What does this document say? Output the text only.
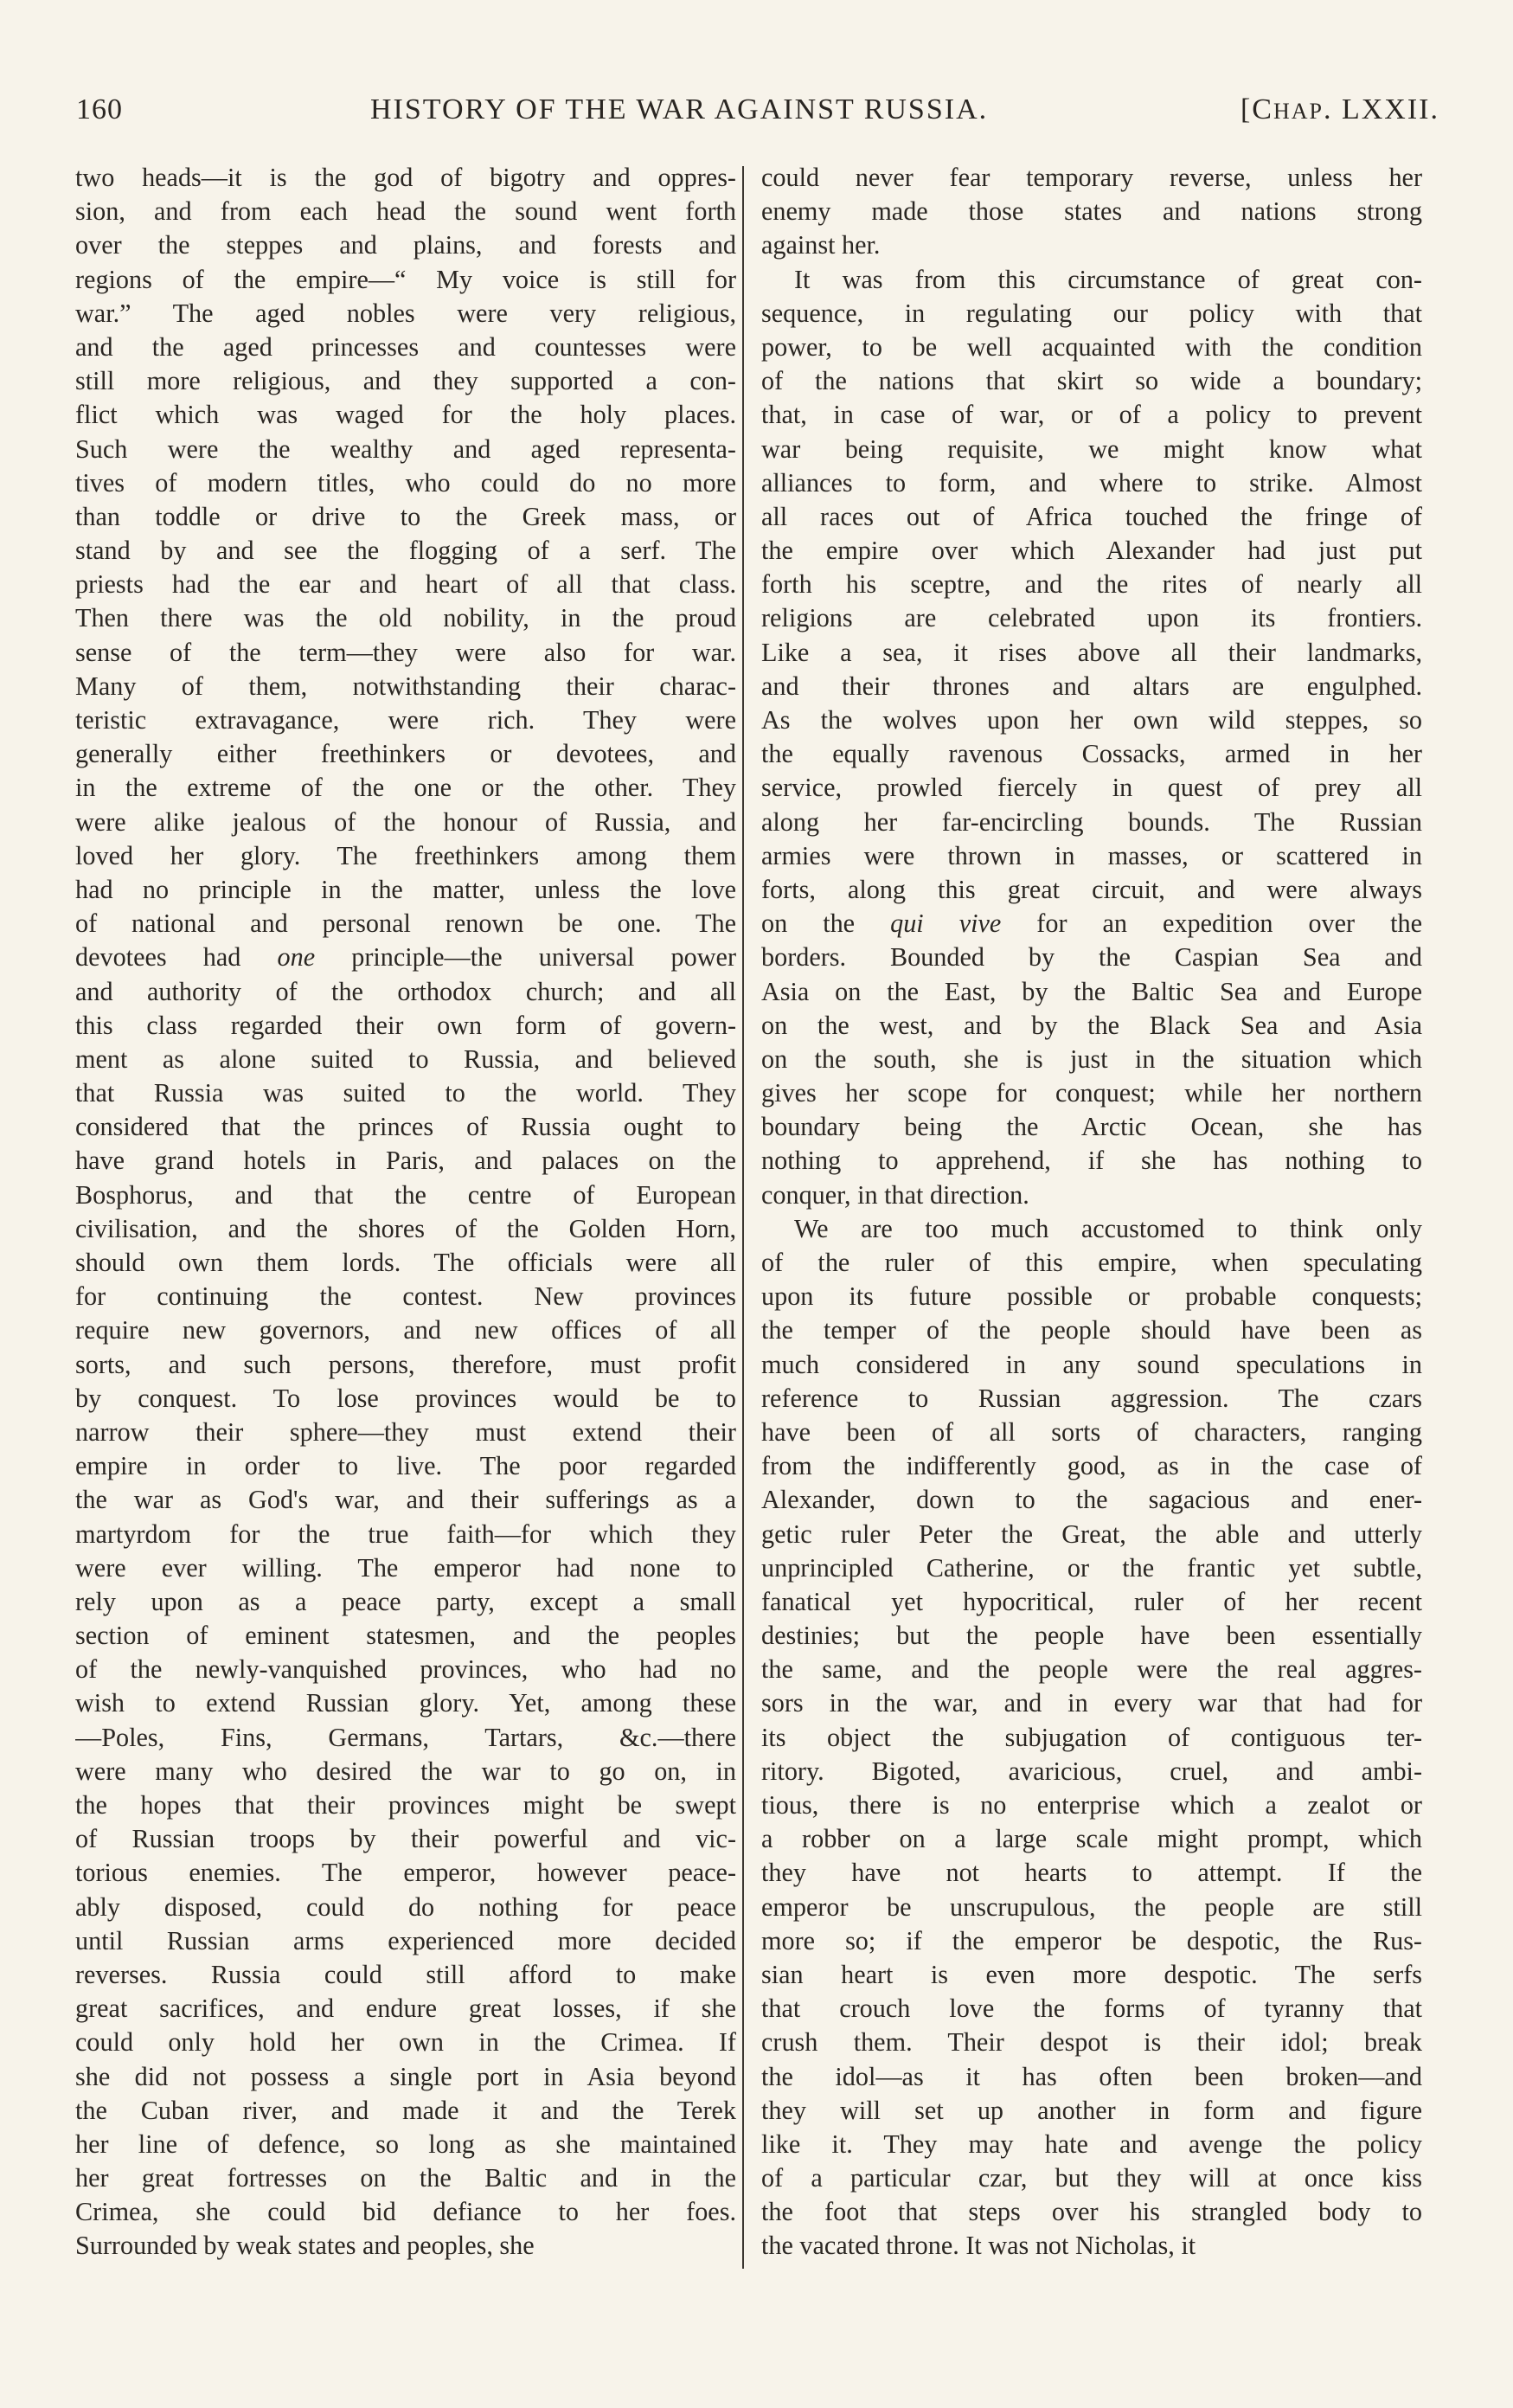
160	HISTORY OF THE WAR AGAINST RUSSIA.	[CHAP. LXXII.
two heads—it is the god of bigotry and oppres-
sion, and from each head the sound went forth
over the steppes and plains, and forests and
regions of the empire—“ My voice is still for
war.” The aged nobles were very religious,
and the aged princesses and countesses were
still more religious, and they supported a con-
flict which was waged for the holy places.
Such were the wealthy and aged representa-
tives of modern titles, who could do no more
than toddle or drive to the Greek mass, or
stand by and see the flogging of a serf. The
priests had the ear and heart of all that class.
Then there was the old nobility, in the proud
sense of the term—they were also for war.
Many of them, notwithstanding their charac-
teristic extravagance, were rich. They were
generally either freethinkers or devotees, and
in the extreme of the one or the other. They
were alike jealous of the honour of Russia, and
loved her glory. The freethinkers among them
had no principle in the matter, unless the love
of national and personal renown be one. The
devotees had one principle—the universal power
and authority of the orthodox church; and all
this class regarded their own form of govern-
ment as alone suited to Russia, and believed
that Russia was suited to the world. They
considered that the princes of Russia ought to
have grand hotels in Paris, and palaces on the
Bosphorus, and that the centre of European
civilisation, and the shores of the Golden Horn,
should own them lords. The officials were all
for continuing the contest. New provinces
require new governors, and new offices of all
sorts, and such persons, therefore, must profit
by conquest. To lose provinces would be to
narrow their sphere—they must extend their
empire in order to live. The poor regarded
the war as God's war, and their sufferings as a
martyrdom for the true faith—for which they
were ever willing. The emperor had none to
rely upon as a peace party, except a small
section of eminent statesmen, and the peoples
of the newly-vanquished provinces, who had no
wish to extend Russian glory. Yet, among these
—Poles, Fins, Germans, Tartars, &c.—there
were many who desired the war to go on, in
the hopes that their provinces might be swept
of Russian troops by their powerful and vic-
torious enemies. The emperor, however peace-
ably disposed, could do nothing for peace
until Russian arms experienced more decided
reverses. Russia could still afford to make
great sacrifices, and endure great losses, if she
could only hold her own in the Crimea. If
she did not possess a single port in Asia beyond
the Cuban river, and made it and the Terek
her line of defence, so long as she maintained
her great fortresses on the Baltic and in the
Crimea, she could bid defiance to her foes.
Surrounded by weak states and peoples, she
could never fear temporary reverse, unless her
enemy made those states and nations strong
against her.
It was from this circumstance of great con-
sequence, in regulating our policy with that
power, to be well acquainted with the condition
of the nations that skirt so wide a boundary;
that, in case of war, or of a policy to prevent
war being requisite, we might know what
alliances to form, and where to strike. Almost
all races out of Africa touched the fringe of
the empire over which Alexander had just put
forth his sceptre, and the rites of nearly all
religions are celebrated upon its frontiers.
Like a sea, it rises above all their landmarks,
and their thrones and altars are engulphed.
As the wolves upon her own wild steppes, so
the equally ravenous Cossacks, armed in her
service, prowled fiercely in quest of prey all
along her far-encircling bounds. The Russian
armies were thrown in masses, or scattered in
forts, along this great circuit, and were always
on the qui vive for an expedition over the
borders. Bounded by the Caspian Sea and
Asia on the East, by the Baltic Sea and Europe
on the west, and by the Black Sea and Asia
on the south, she is just in the situation which
gives her scope for conquest; while her northern
boundary being the Arctic Ocean, she has
nothing to apprehend, if she has nothing to
conquer, in that direction.
We are too much accustomed to think only
of the ruler of this empire, when speculating
upon its future possible or probable conquests;
the temper of the people should have been as
much considered in any sound speculations in
reference to Russian aggression. The czars
have been of all sorts of characters, ranging
from the indifferently good, as in the case of
Alexander, down to the sagacious and ener-
getic ruler Peter the Great, the able and utterly
unprincipled Catherine, or the frantic yet subtle,
fanatical yet hypocritical, ruler of her recent
destinies; but the people have been essentially
the same, and the people were the real aggres-
sors in the war, and in every war that had for
its object the subjugation of contiguous ter-
ritory. Bigoted, avaricious, cruel, and ambi-
tious, there is no enterprise which a zealot or
a robber on a large scale might prompt, which
they have not hearts to attempt. If the
emperor be unscrupulous, the people are still
more so; if the emperor be despotic, the Rus-
sian heart is even more despotic. The serfs
that crouch love the forms of tyranny that
crush them. Their despot is their idol; break
the idol—as it has often been broken—and
they will set up another in form and figure
like it. They may hate and avenge the policy
of a particular czar, but they will at once kiss
the foot that steps over his strangled body to
the vacated throne. It was not Nicholas, it
